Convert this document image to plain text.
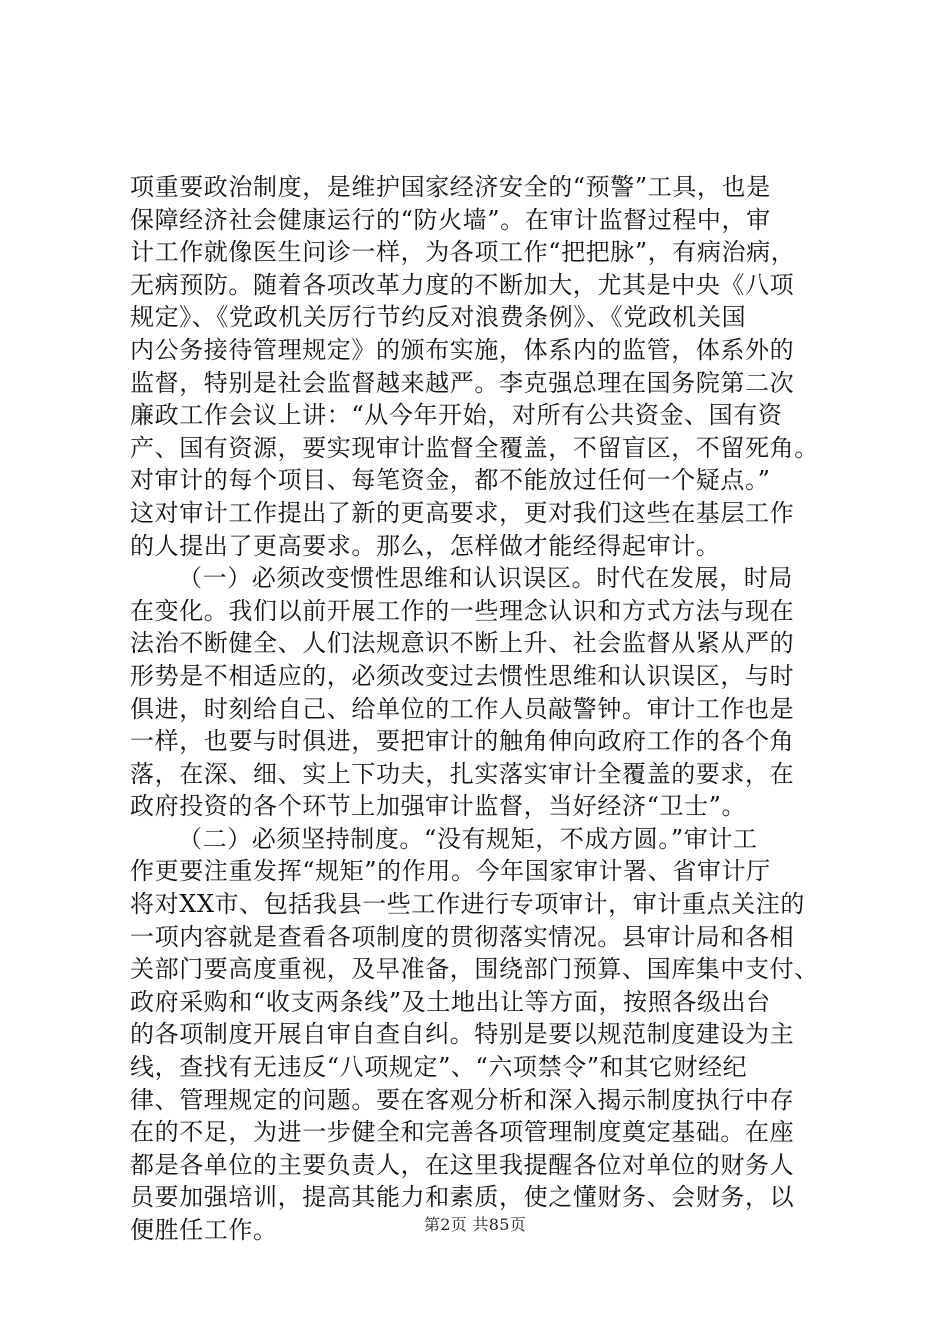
项重要政治制度，是维护国家经济安全的“预警”工具，也是
保障经济社会健康运行的“防火墙”。在审计监督过程中，审
计工作就像医生问诊一样，为各项工作“把把脉”，有病治病，
无病预防。随着各项改革力度的不断加大，尤其是中央《八项
规定》、《党政机关厉行节约反对浪费条例》、《党政机关国
内公务接待管理规定》的颁布实施，体系内的监管，体系外的
监督，特别是社会监督越来越严。李克强总理在国务院第二次
廉政工作会议上讲：“从今年开始，对所有公共资金、国有资
产、国有资源，要实现审计监督全覆盖，不留盲区，不留死角。
对审计的每个项目、每笔资金，都不能放过任何一个疑点。”
这对审计工作提出了新的更高要求，更对我们这些在基层工作
的人提出了更高要求。那么，怎样做才能经得起审计。
（一）必须改变惯性思维和认识误区。时代在发展，时局
在变化。我们以前开展工作的一些理念认识和方式方法与现在
法治不断健全、人们法规意识不断上升、社会监督从紧从严的
形势是不相适应的，必须改变过去惯性思维和认识误区，与时
俱进，时刻给自己、给单位的工作人员敲警钟。审计工作也是
一样，也要与时俱进，要把审计的触角伸向政府工作的各个角
落，在深、细、实上下功夫，扎实落实审计全覆盖的要求，在
政府投资的各个环节上加强审计监督，当好经济“卫士”。
（二）必须坚持制度。“没有规矩，不成方圆。”审计工
作更要注重发挥“规矩”的作用。今年国家审计署、省审计厅
将对XX市、包括我县一些工作进行专项审计，审计重点关注的
一项内容就是查看各项制度的贯彻落实情况。县审计局和各相
关部门要高度重视，及早准备，围绕部门预算、国库集中支付、
政府采购和“收支两条线”及土地出让等方面，按照各级出台
的各项制度开展自审自查自纠。特别是要以规范制度建设为主
线，查找有无违反“八项规定”、“六项禁令”和其它财经纪
律、管理规定的问题。要在客观分析和深入揭示制度执行中存
在的不足，为进一步健全和完善各项管理制度奠定基础。在座
都是各单位的主要负责人，在这里我提醒各位对单位的财务人
员要加强培训，提高其能力和素质，使之懂财务、会财务，以
便胜任工作。	第2页 共85页
